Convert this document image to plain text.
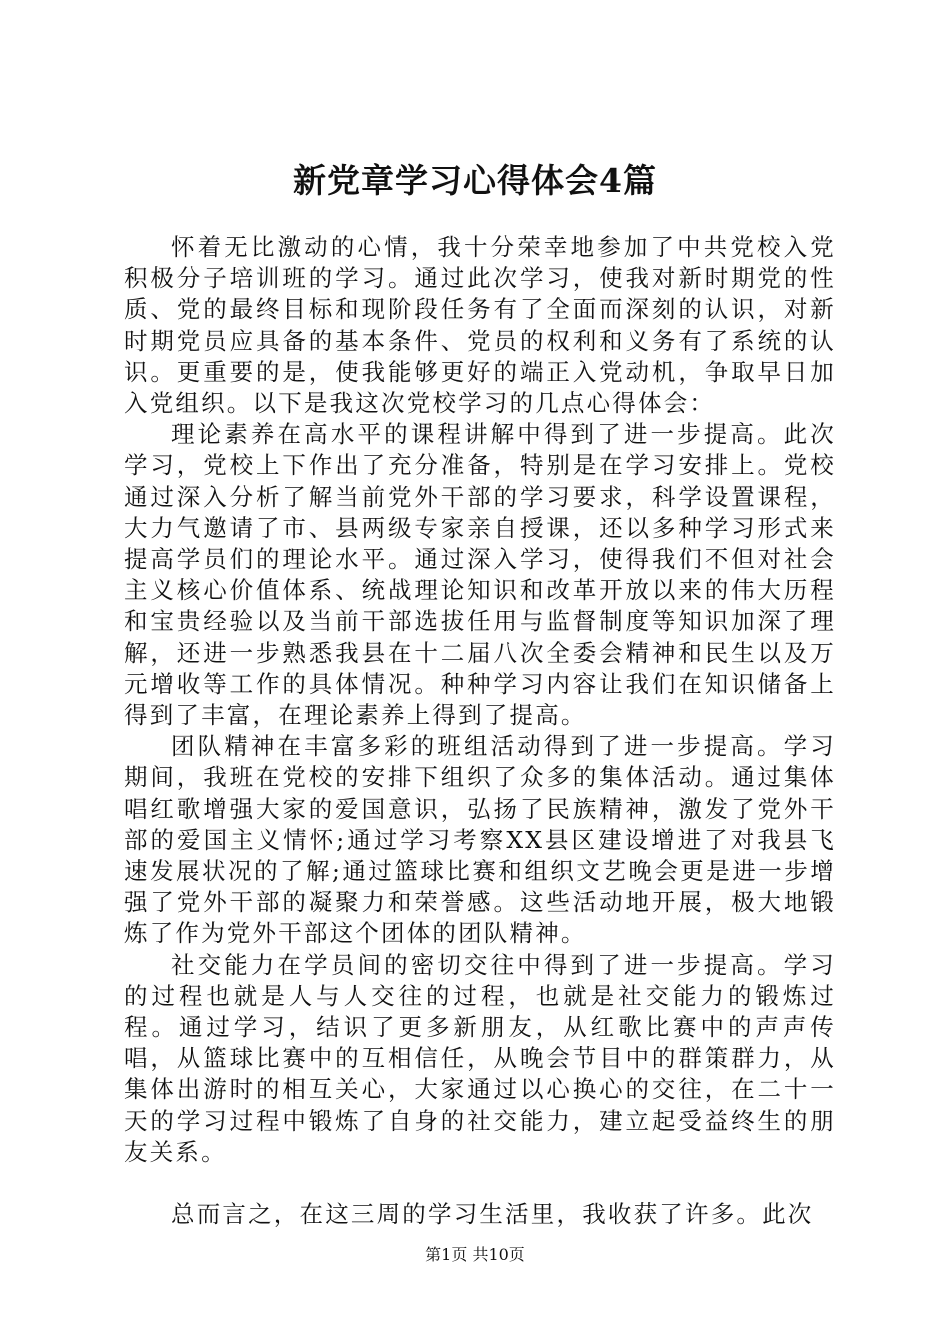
新党章学习心得体会4篇

怀着无比激动的心情，我十分荣幸地参加了中共党校入党积极分子培训班的学习。通过此次学习，使我对新时期党的性质、党的最终目标和现阶段任务有了全面而深刻的认识，对新时期党员应具备的基本条件、党员的权利和义务有了系统的认识。更重要的是，使我能够更好的端正入党动机，争取早日加入党组织。以下是我这次党校学习的几点心得体会：

理论素养在高水平的课程讲解中得到了进一步提高。此次学习，党校上下作出了充分准备，特别是在学习安排上。党校通过深入分析了解当前党外干部的学习要求，科学设置课程，大力气邀请了市、县两级专家亲自授课，还以多种学习形式来提高学员们的理论水平。通过深入学习，使得我们不但对社会主义核心价值体系、统战理论知识和改革开放以来的伟大历程和宝贵经验以及当前干部选拔任用与监督制度等知识加深了理解，还进一步熟悉我县在十二届八次全委会精神和民生以及万元增收等工作的具体情况。种种学习内容让我们在知识储备上得到了丰富，在理论素养上得到了提高。

团队精神在丰富多彩的班组活动得到了进一步提高。学习期间，我班在党校的安排下组织了众多的集体活动。通过集体唱红歌增强大家的爱国意识，弘扬了民族精神，激发了党外干部的爱国主义情怀;通过学习考察XX县区建设增进了对我县飞速发展状况的了解;通过篮球比赛和组织文艺晚会更是进一步增强了党外干部的凝聚力和荣誉感。这些活动地开展，极大地锻炼了作为党外干部这个团体的团队精神。

社交能力在学员间的密切交往中得到了进一步提高。学习的过程也就是人与人交往的过程，也就是社交能力的锻炼过程。通过学习，结识了更多新朋友，从红歌比赛中的声声传唱，从篮球比赛中的互相信任，从晚会节目中的群策群力，从集体出游时的相互关心，大家通过以心换心的交往，在二十一天的学习过程中锻炼了自身的社交能力，建立起受益终生的朋友关系。

总而言之，在这三周的学习生活里，我收获了许多。此次

第1页 共10页
